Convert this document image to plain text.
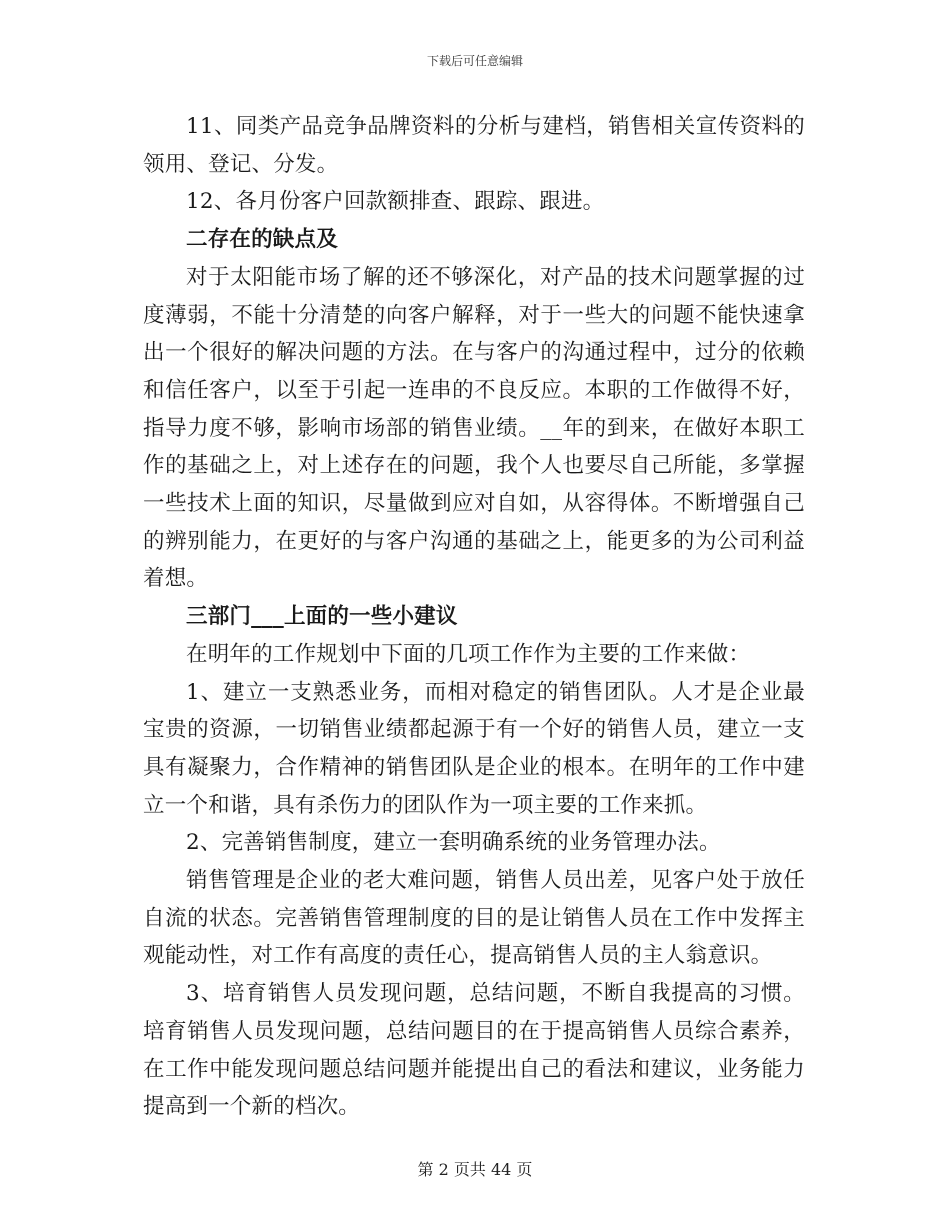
下载后可任意编辑

11、同类产品竞争品牌资料的分析与建档，销售相关宣传资料的领用、登记、分发。

12、各月份客户回款额排查、跟踪、跟进。

二存在的缺点及

对于太阳能市场了解的还不够深化，对产品的技术问题掌握的过度薄弱，不能十分清楚的向客户解释，对于一些大的问题不能快速拿出一个很好的解决问题的方法。在与客户的沟通过程中，过分的依赖和信任客户，以至于引起一连串的不良反应。本职的工作做得不好，指导力度不够，影响市场部的销售业绩。__年的到来，在做好本职工作的基础之上，对上述存在的问题，我个人也要尽自己所能，多掌握一些技术上面的知识，尽量做到应对自如，从容得体。不断增强自己的辨别能力，在更好的与客户沟通的基础之上，能更多的为公司利益着想。

三部门___上面的一些小建议

在明年的工作规划中下面的几项工作作为主要的工作来做：

1、建立一支熟悉业务，而相对稳定的销售团队。人才是企业最宝贵的资源，一切销售业绩都起源于有一个好的销售人员，建立一支具有凝聚力，合作精神的销售团队是企业的根本。在明年的工作中建立一个和谐，具有杀伤力的团队作为一项主要的工作来抓。

2、完善销售制度，建立一套明确系统的业务管理办法。

销售管理是企业的老大难问题，销售人员出差，见客户处于放任自流的状态。完善销售管理制度的目的是让销售人员在工作中发挥主观能动性，对工作有高度的责任心，提高销售人员的主人翁意识。

3、培育销售人员发现问题，总结问题，不断自我提高的习惯。培育销售人员发现问题，总结问题目的在于提高销售人员综合素养，在工作中能发现问题总结问题并能提出自己的看法和建议，业务能力提高到一个新的档次。

第 2 页共 44 页
